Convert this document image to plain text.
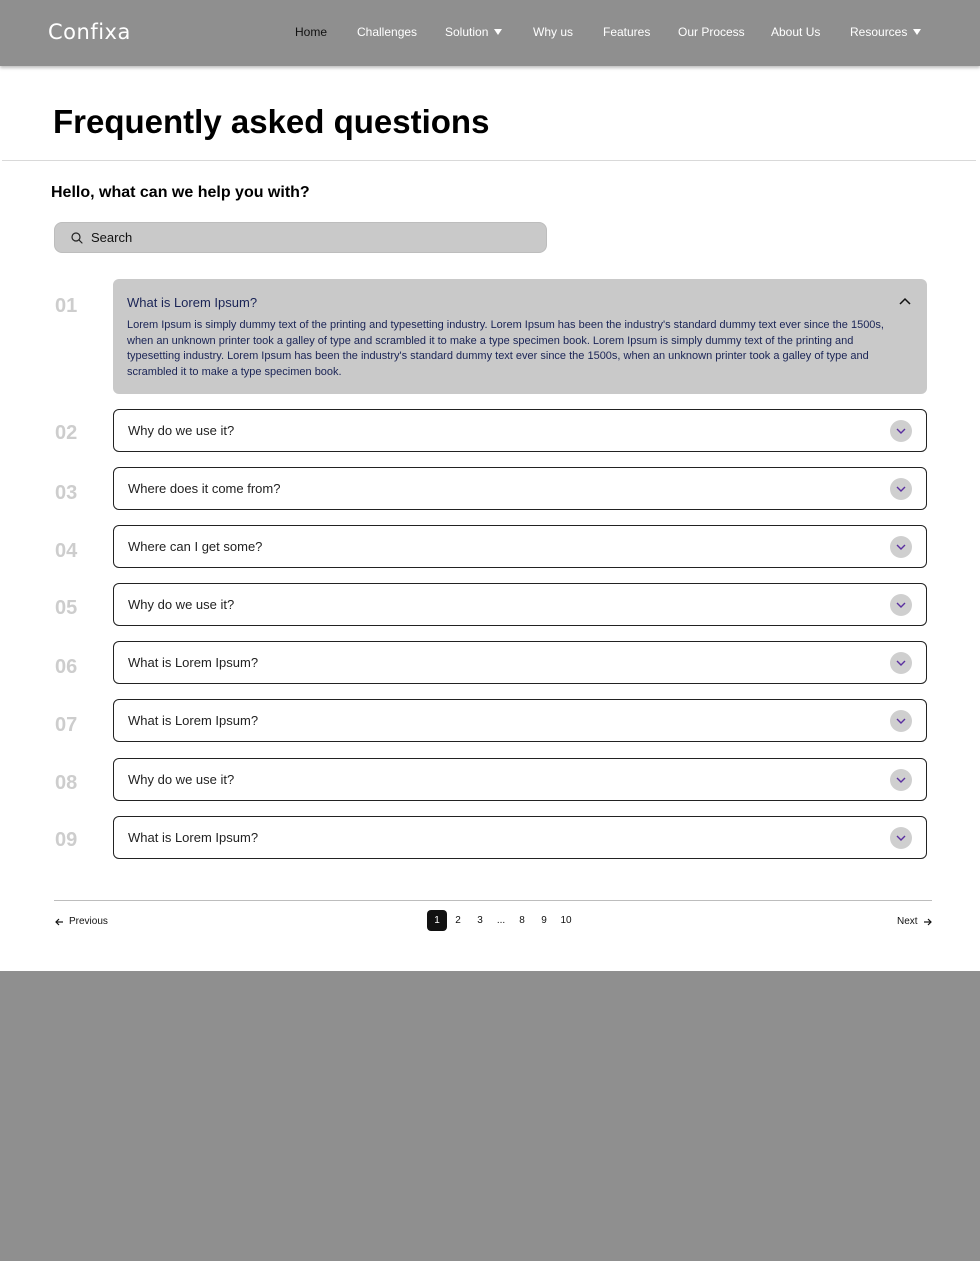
Confixa	Home Challenges Solution	Why us Features Our Process About Us Resources
Frequently asked questions
Hello, what can we help you with?
Search
01	What is Lorem Ipsum?

Lorem Ipsum is simply dummy text of the printing and typesetting industry. Lorem Ipsum has been the industry's standard dummy text ever since the 1500s, when an unknown printer took a galley of type and scrambled it to make a type specimen book. Lorem Ipsum is simply dummy text of the printing and typesetting industry. Lorem Ipsum has been the industry's standard dummy text ever since the 1500s, when an unknown printer took a galley of type and scrambled it to make a type specimen book.

02	Why do we use it?
03	Where does it come from?
04	Where can I get some?
05	Why do we use it?
06	What is Lorem Ipsum?
07	What is Lorem Ipsum?
08	Why do we use it?
09	What is Lorem Ipsum?
Previous	1	2	3	...	8	9	10	Next
